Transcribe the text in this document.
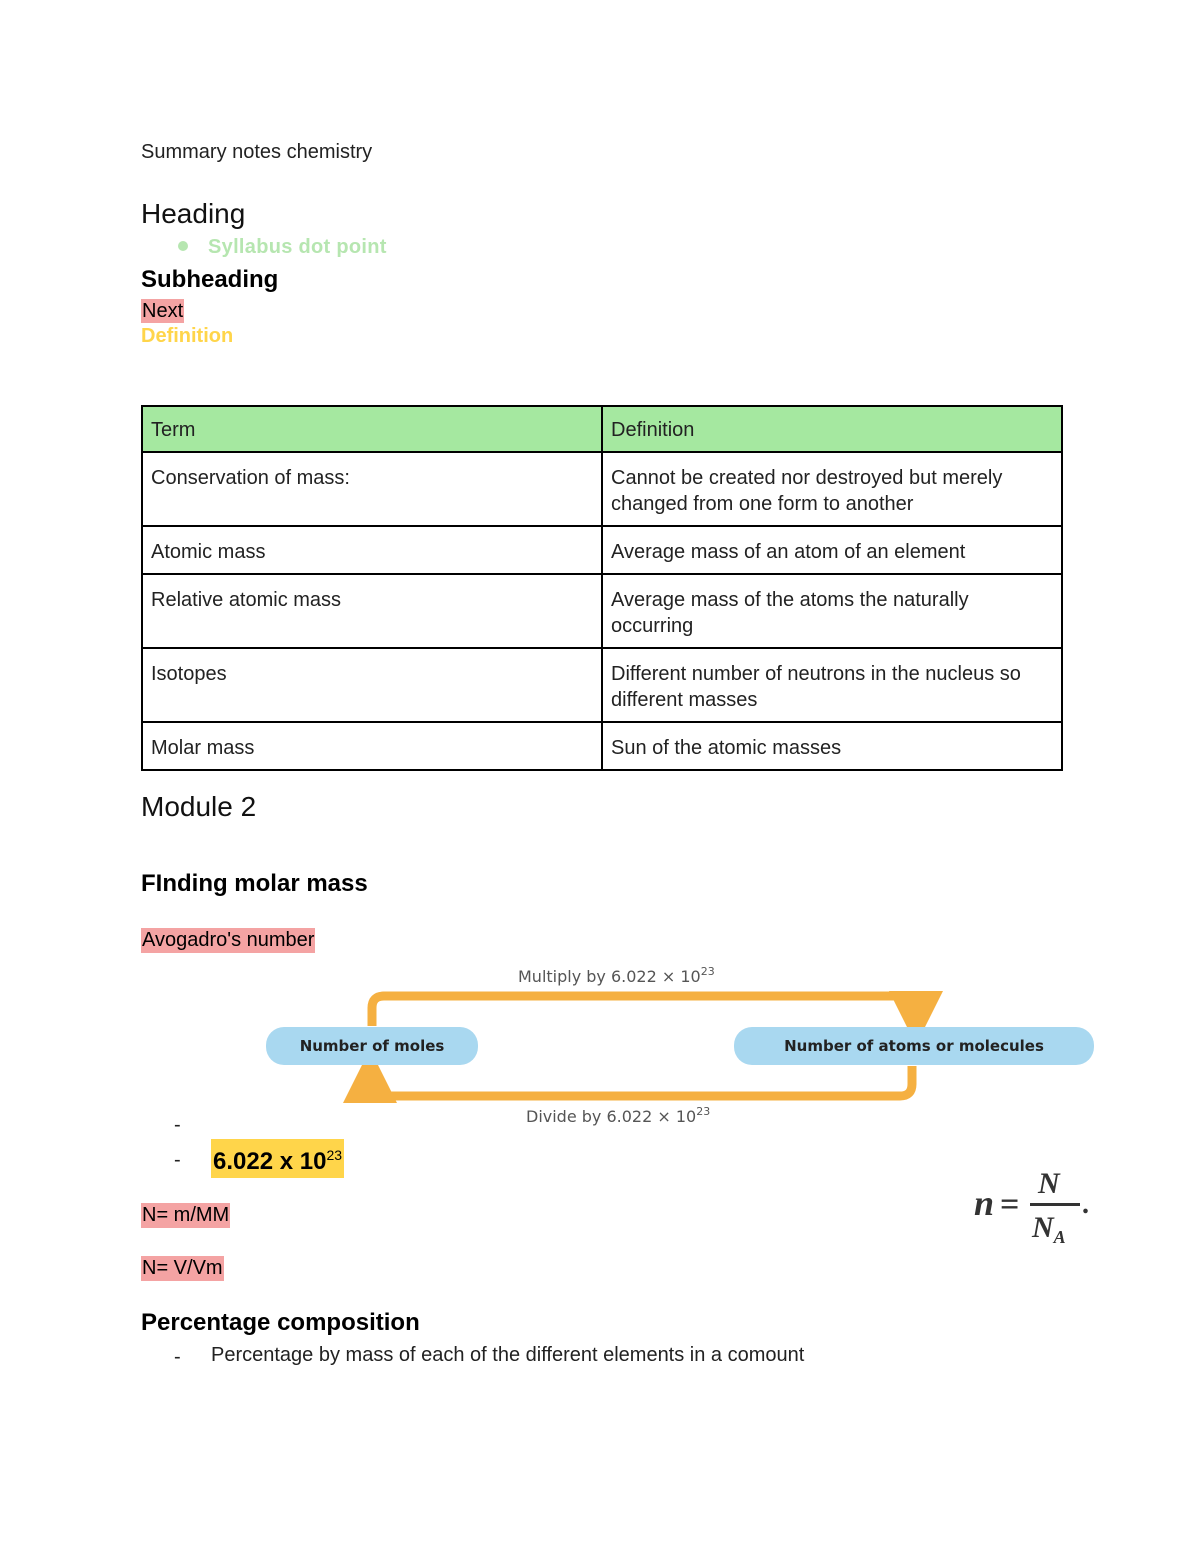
Summary notes chemistry
Heading
Syllabus dot point
Subheading
Next
Definition
Term	Definition
Conservation of mass:	Cannot be created nor destroyed but merely changed from one form to another
Atomic mass	Average mass of an atom of an element
Relative atomic mass	Average mass of the atoms the naturally occurring
Isotopes	Different number of neutrons in the nucleus so different masses
Molar mass	Sun of the atomic masses
Module 2
FInding molar mass
Avogadro's number
Multiply by $6.022 \times 10^{23}$
Number of moles	Number of atoms or molecules
Divide by $6.022 \times 10^{23}$
-
- 6.022 x $10^{23}$
N= m/MM
N= V/Vm
n =
N
$N_A$
.
Percentage composition
- Percentage by mass of each of the different elements in a comount
